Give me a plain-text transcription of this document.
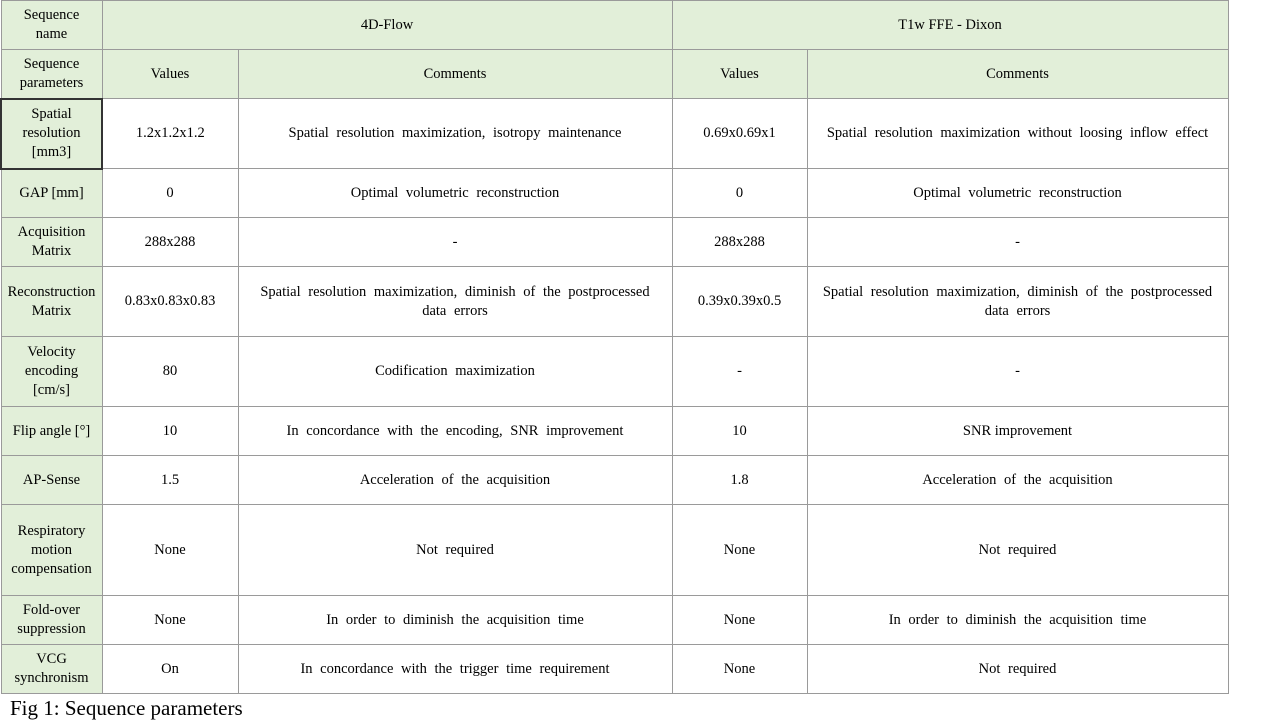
Sequence name	4D-Flow		T1w FFE - Dixon	
Sequence parameters	Values	Comments	Values	Comments
Spatial resolution [mm3]	1.2x1.2x1.2	Spatial resolution maximization, isotropy maintenance	0.69x0.69x1	Spatial resolution maximization without loosing inflow effect
GAP [mm]	0	Optimal volumetric reconstruction	0	Optimal volumetric reconstruction
Acquisition Matrix	288x288	-	288x288	-
Reconstruction Matrix	0.83x0.83x0.83	Spatial resolution maximization, diminish of the postprocessed data errors	0.39x0.39x0.5	Spatial resolution maximization, diminish of the postprocessed data errors
Velocity encoding [cm/s]	80	Codification maximization	-	-
Flip angle [°]	10	In concordance with the encoding, SNR improvement	10	SNR improvement
AP-Sense	1.5	Acceleration of the acquisition	1.8	Acceleration of the acquisition
Respiratory motion compensation	None	Not required	None	Not required
Fold-over suppression	None	In order to diminish the acquisition time	None	In order to diminish the acquisition time
VCG synchronism	On	In concordance with the trigger time requirement	None	Not required
Fig 1: Sequence parameters
